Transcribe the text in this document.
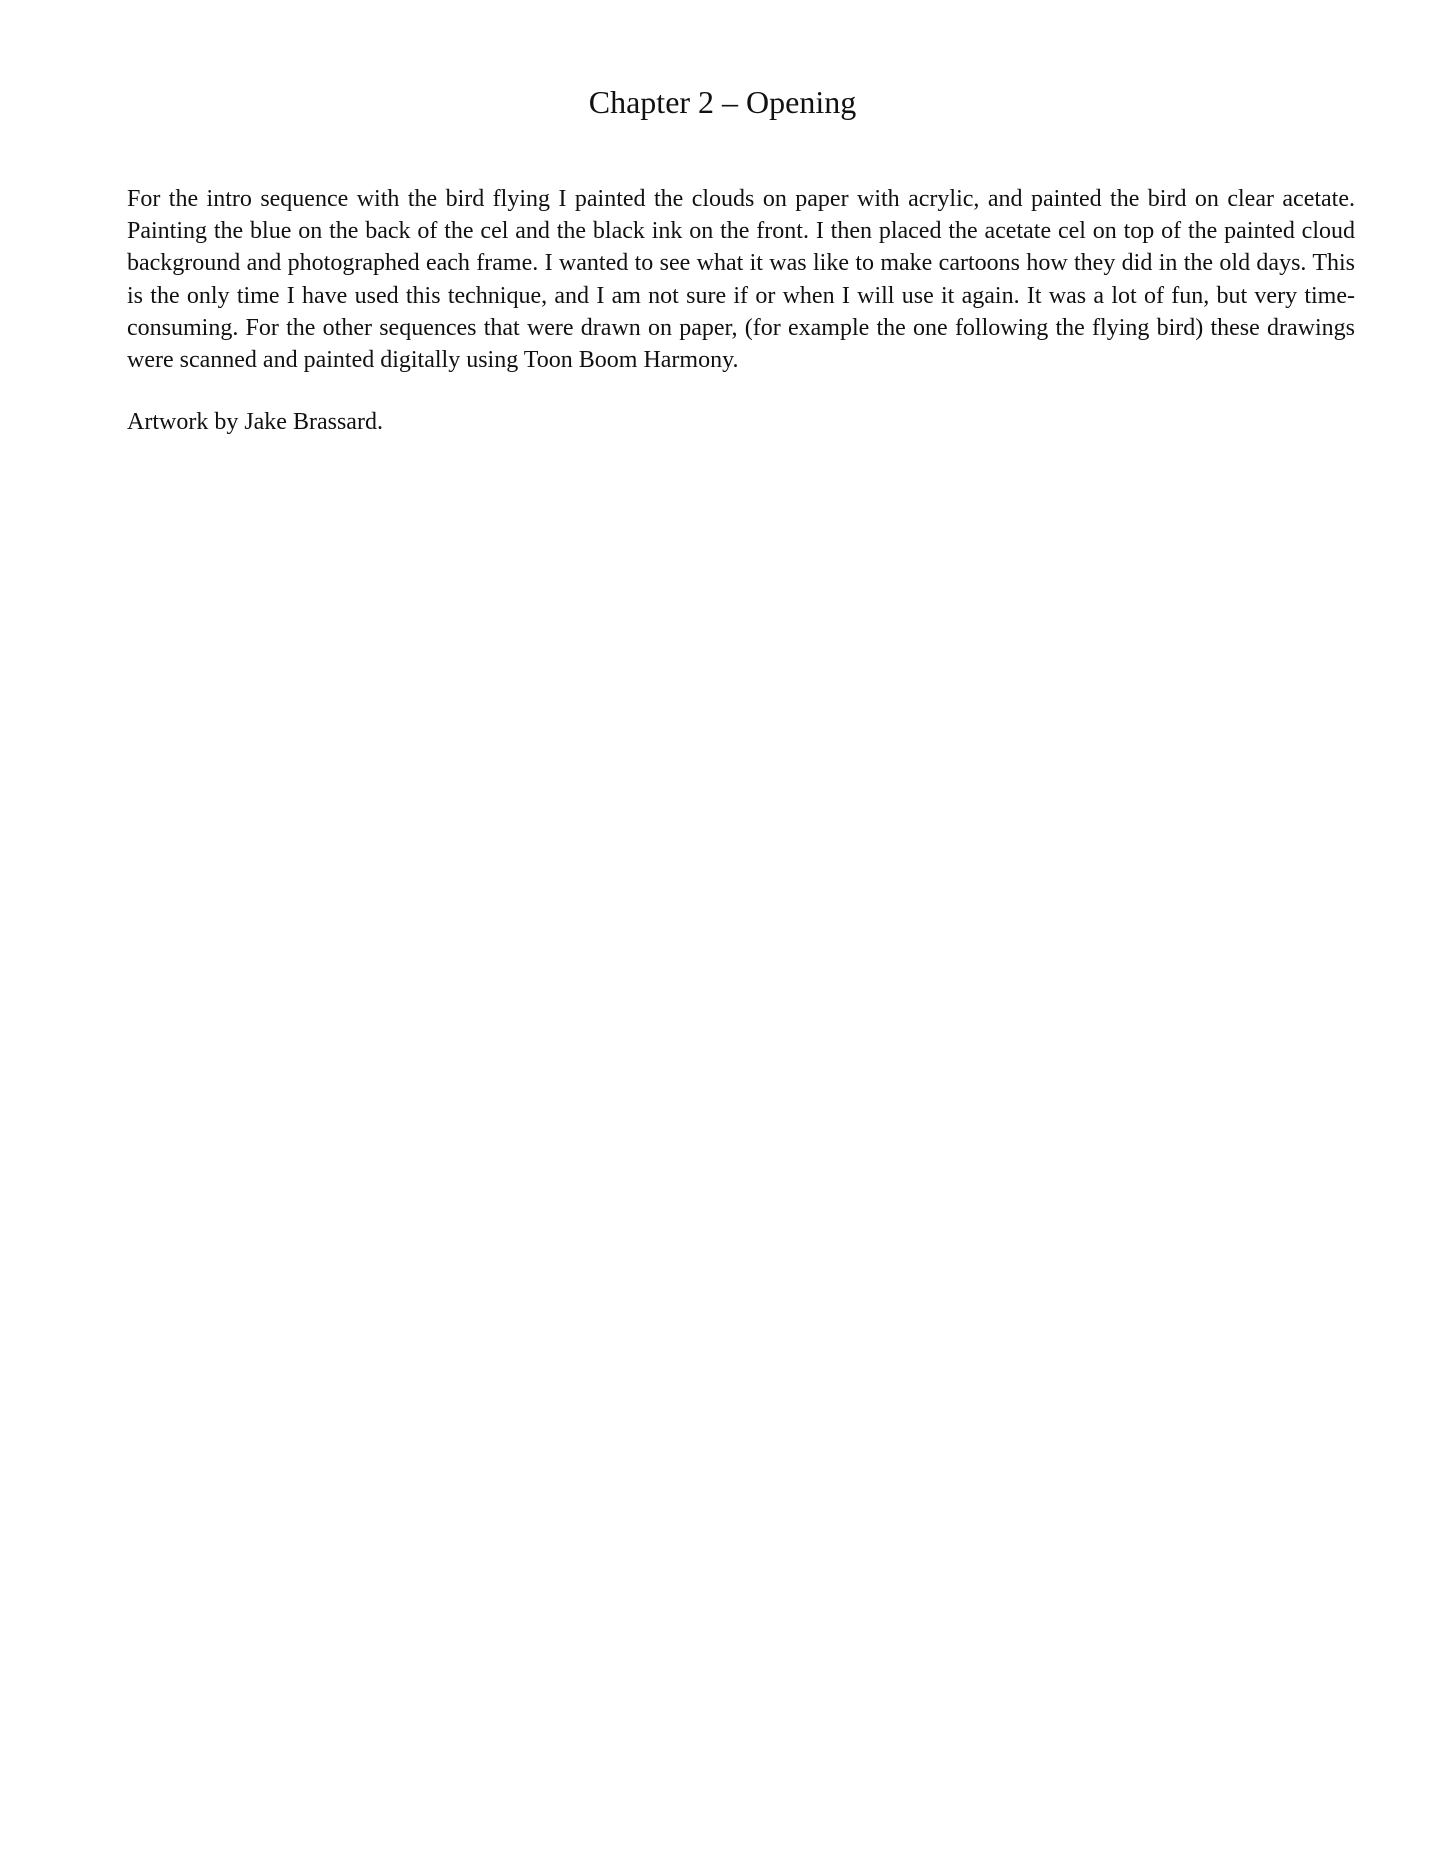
Chapter 2 – Opening

For the intro sequence with the bird flying I painted the clouds on paper with acrylic, and painted the bird on clear acetate. Painting the blue on the back of the cel and the black ink on the front. I then placed the acetate cel on top of the painted cloud background and photographed each frame. I wanted to see what it was like to make cartoons how they did in the old days. This is the only time I have used this technique, and I am not sure if or when I will use it again. It was a lot of fun, but very time-consuming. For the other sequences that were drawn on paper, (for example the one following the flying bird) these drawings were scanned and painted digitally using Toon Boom Harmony.

Artwork by Jake Brassard.
